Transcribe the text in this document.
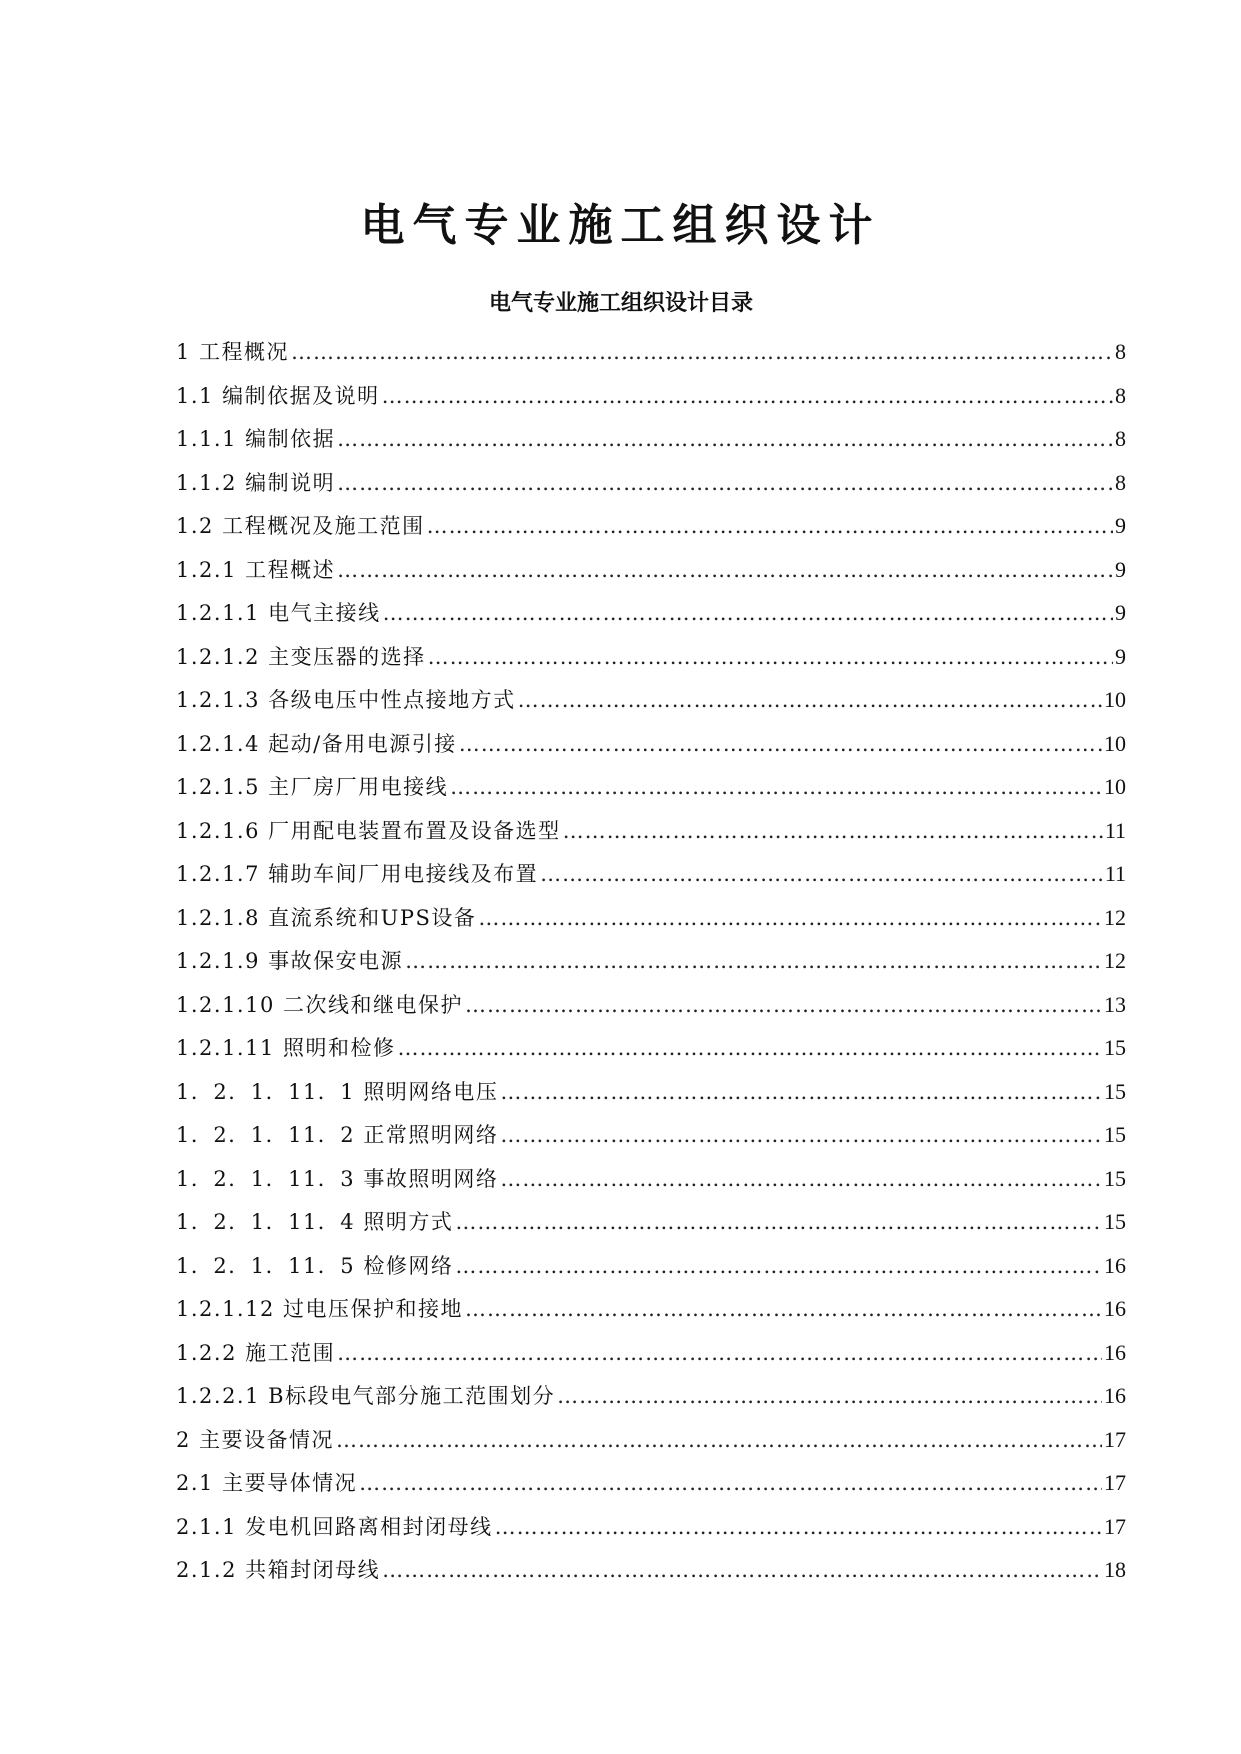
电气专业施工组织设计
电气专业施工组织设计目录
1 工程概况 …………………………………………………………………………………………………………………………………………………………………………………………………………………………………………………………………………………………………	8
1.1 编制依据及说明 …………………………………………………………………………………………………………………………………………………………………………………………………………………………………………………………………………………………………	8
1.1.1 编制依据 …………………………………………………………………………………………………………………………………………………………………………………………………………………………………………………………………………………………………	8
1.1.2 编制说明 …………………………………………………………………………………………………………………………………………………………………………………………………………………………………………………………………………………………………	8
1.2 工程概况及施工范围 …………………………………………………………………………………………………………………………………………………………………………………………………………………………………………………………………………………………………	9
1.2.1 工程概述 …………………………………………………………………………………………………………………………………………………………………………………………………………………………………………………………………………………………………	9
1.2.1.1 电气主接线 …………………………………………………………………………………………………………………………………………………………………………………………………………………………………………………………………………………………………	9
1.2.1.2 主变压器的选择 …………………………………………………………………………………………………………………………………………………………………………………………………………………………………………………………………………………………………	9
1.2.1.3 各级电压中性点接地方式 …………………………………………………………………………………………………………………………………………………………………………………………………………………………………………………………………………………………………	10
1.2.1.4 起动/备用电源引接 …………………………………………………………………………………………………………………………………………………………………………………………………………………………………………………………………………………………………	10
1.2.1.5 主厂房厂用电接线 …………………………………………………………………………………………………………………………………………………………………………………………………………………………………………………………………………………………………	10
1.2.1.6 厂用配电装置布置及设备选型 …………………………………………………………………………………………………………………………………………………………………………………………………………………………………………………………………………………………………	11
1.2.1.7 辅助车间厂用电接线及布置 …………………………………………………………………………………………………………………………………………………………………………………………………………………………………………………………………………………………………	11
1.2.1.8 直流系统和UPS设备 …………………………………………………………………………………………………………………………………………………………………………………………………………………………………………………………………………………………………	12
1.2.1.9 事故保安电源 …………………………………………………………………………………………………………………………………………………………………………………………………………………………………………………………………………………………………	12
1.2.1.10 二次线和继电保护 …………………………………………………………………………………………………………………………………………………………………………………………………………………………………………………………………………………………………	13
1.2.1.11 照明和检修 …………………………………………………………………………………………………………………………………………………………………………………………………………………………………………………………………………………………………	15
1．2．1．11．1 照明网络电压 …………………………………………………………………………………………………………………………………………………………………………………………………………………………………………………………………………………………………	15
1．2．1．11．2 正常照明网络 …………………………………………………………………………………………………………………………………………………………………………………………………………………………………………………………………………………………………	15
1．2．1．11．3 事故照明网络 …………………………………………………………………………………………………………………………………………………………………………………………………………………………………………………………………………………………………	15
1．2．1．11．4 照明方式 …………………………………………………………………………………………………………………………………………………………………………………………………………………………………………………………………………………………………	15
1．2．1．11．5 检修网络 …………………………………………………………………………………………………………………………………………………………………………………………………………………………………………………………………………………………………	16
1.2.1.12 过电压保护和接地 …………………………………………………………………………………………………………………………………………………………………………………………………………………………………………………………………………………………………	16
1.2.2 施工范围 …………………………………………………………………………………………………………………………………………………………………………………………………………………………………………………………………………………………………	16
1.2.2.1 B标段电气部分施工范围划分 …………………………………………………………………………………………………………………………………………………………………………………………………………………………………………………………………………………………………	16
2 主要设备情况 …………………………………………………………………………………………………………………………………………………………………………………………………………………………………………………………………………………………………	17
2.1 主要导体情况 …………………………………………………………………………………………………………………………………………………………………………………………………………………………………………………………………………………………………	17
2.1.1 发电机回路离相封闭母线 …………………………………………………………………………………………………………………………………………………………………………………………………………………………………………………………………………………………………	17
2.1.2 共箱封闭母线 …………………………………………………………………………………………………………………………………………………………………………………………………………………………………………………………………………………………………	18
